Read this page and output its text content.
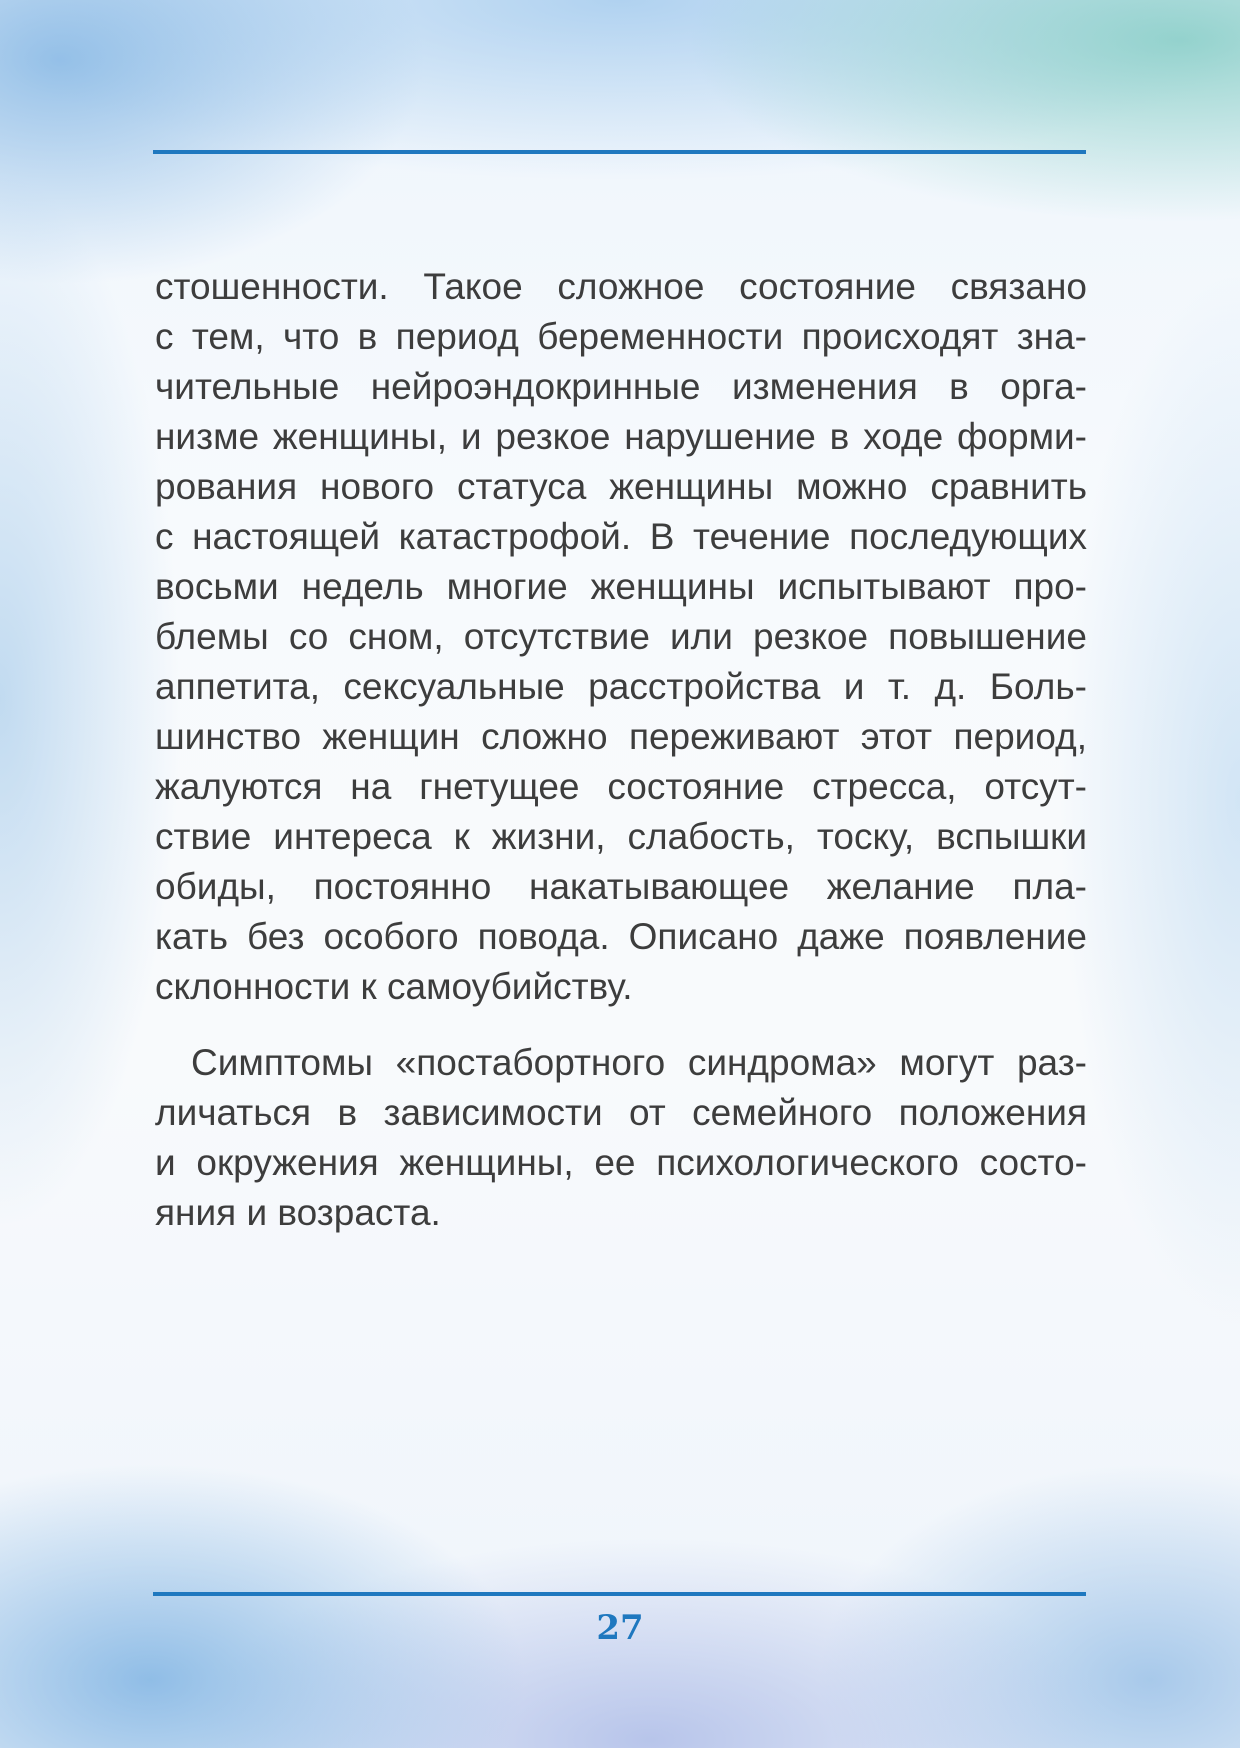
стошенности. Такое сложное состояние связано
с тем, что в период беременности происходят зна-
чительные нейроэндокринные изменения в орга-
низме женщины, и резкое нарушение в ходе форми-
рования нового статуса женщины можно сравнить
с настоящей катастрофой. В течение последующих
восьми недель многие женщины испытывают про-
блемы со сном, отсутствие или резкое повышение
аппетита, сексуальные расстройства и т. д. Боль-
шинство женщин сложно переживают этот период,
жалуются на гнетущее состояние стресса, отсут-
ствие интереса к жизни, слабость, тоску, вспышки
обиды, постоянно накатывающее желание пла-
кать без особого повода. Описано даже появление
склонности к самоубийству.
Симптомы «постабортного синдрома» могут раз-
личаться в зависимости от семейного положения
и окружения женщины, ее психологического состо-
яния и возраста.
27
